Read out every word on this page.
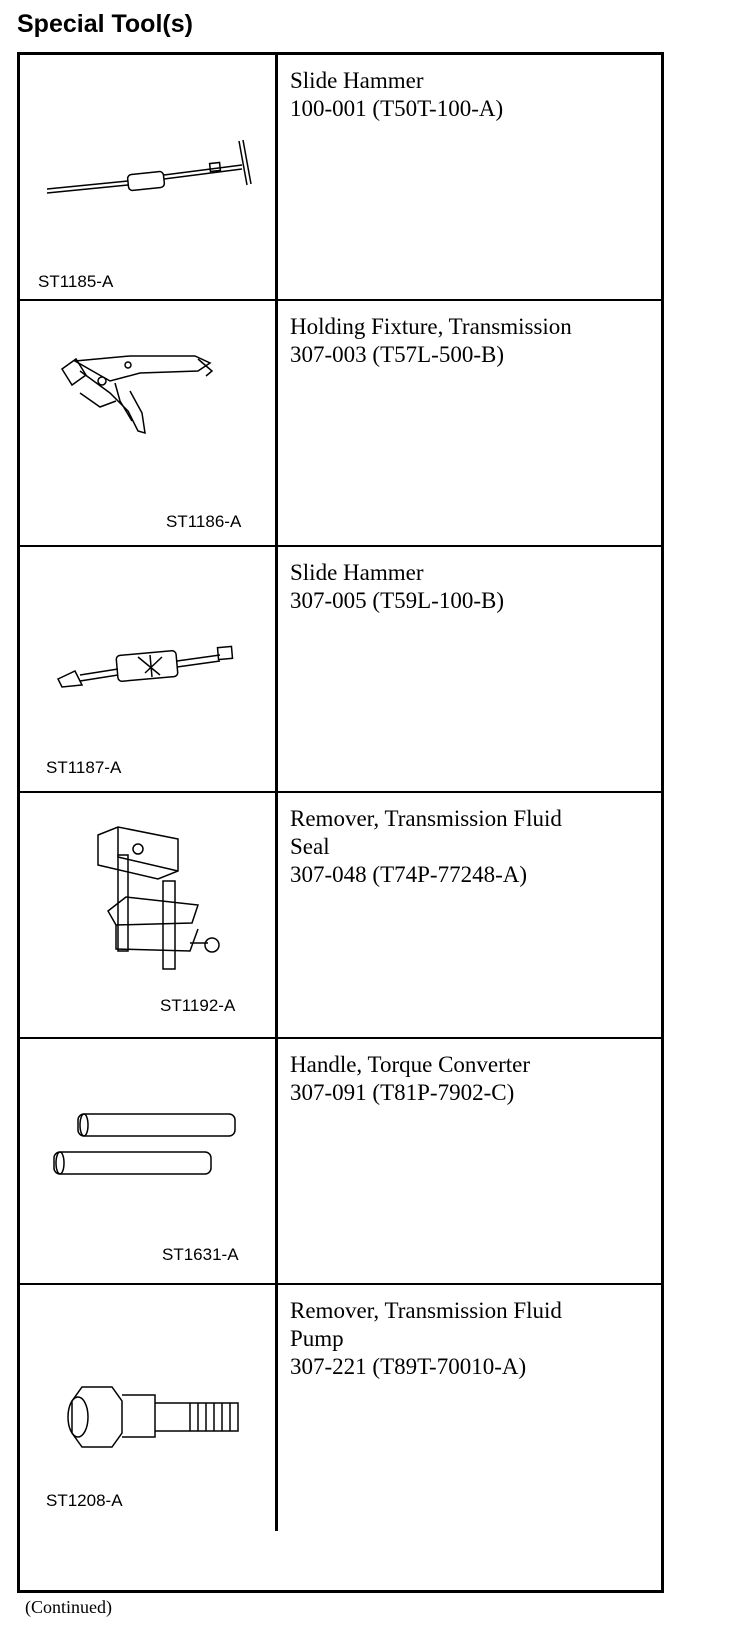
Special Tool(s)
ST1185-A
Slide Hammer
100-001 (T50T-100-A)
ST1186-A
Holding Fixture, Transmission
307-003 (T57L-500-B)
ST1187-A
Slide Hammer
307-005 (T59L-100-B)
ST1192-A
Remover, Transmission Fluid
Seal
307-048 (T74P-77248-A)
ST1631-A
Handle, Torque Converter
307-091 (T81P-7902-C)
ST1208-A
Remover, Transmission Fluid
Pump
307-221 (T89T-70010-A)
(Continued)
